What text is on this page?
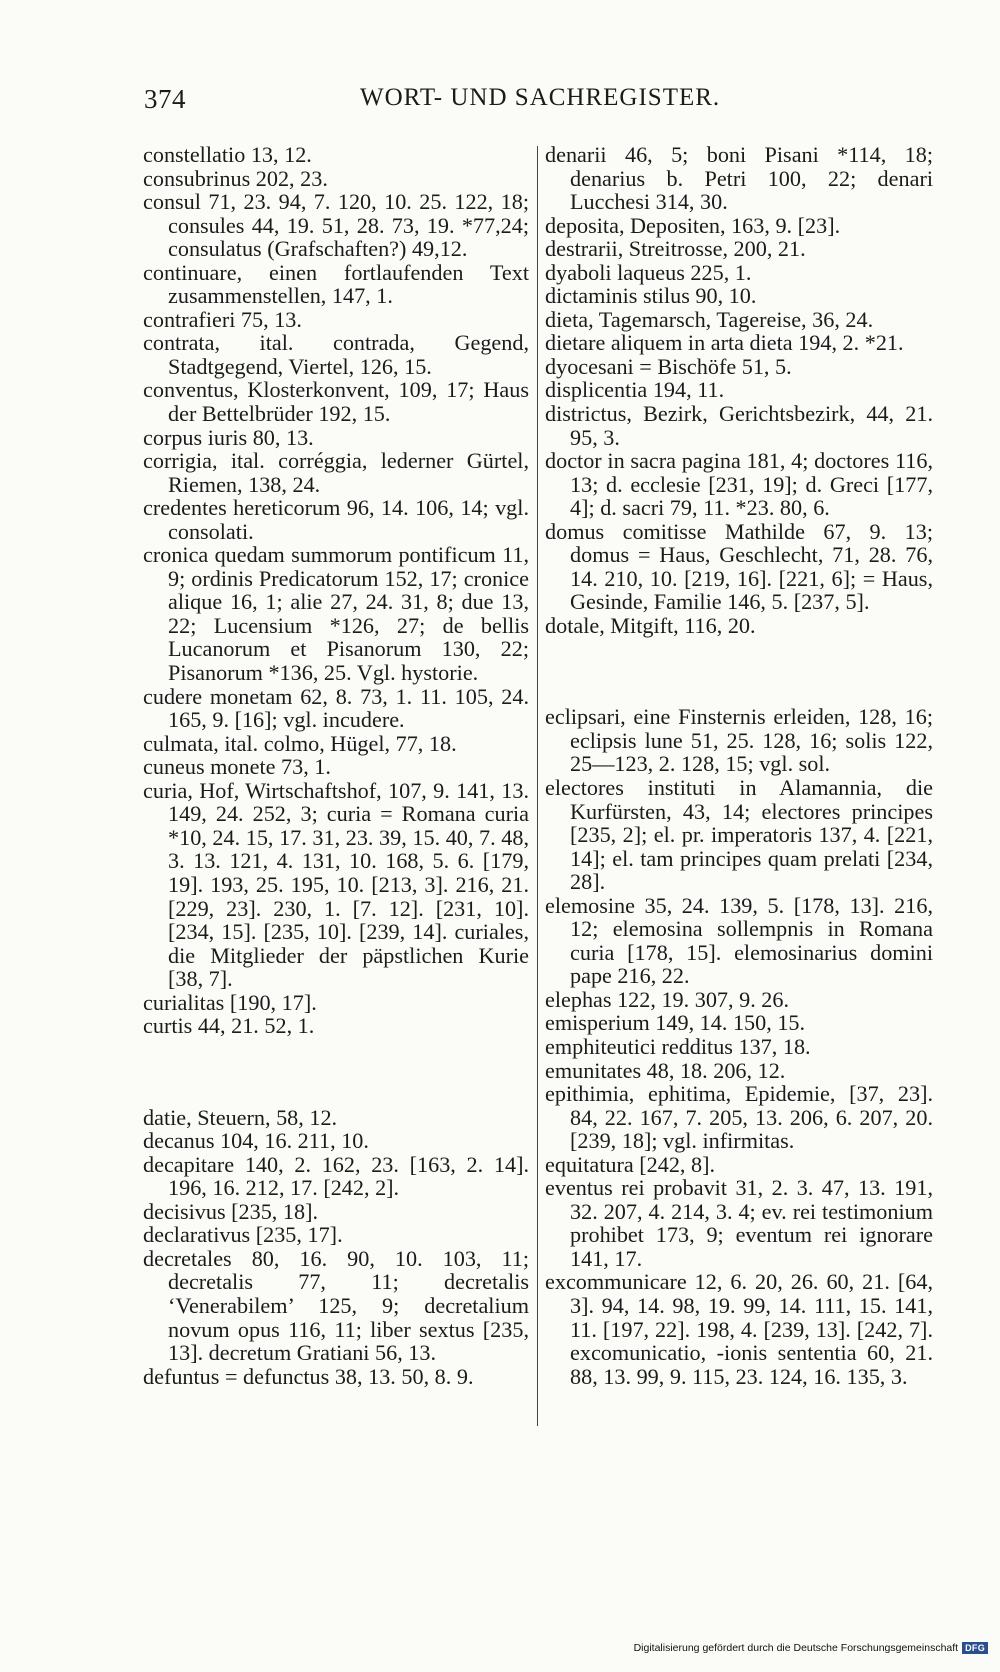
374	WORT- UND SACHREGISTER.

constellatio 13, 12.

consubrinus 202, 23.

consul 71, 23. 94, 7. 120, 10. 25. 122, 18; consules 44, 19. 51, 28. 73, 19. *77,24; consulatus (Grafschaften?) 49,12.

continuare, einen fortlaufenden Text zusammenstellen, 147, 1.

contrafieri 75, 13.

contrata, ital. contrada, Gegend, Stadtgegend, Viertel, 126, 15.

conventus, Klosterkonvent, 109, 17; Haus der Bettelbrüder 192, 15.

corpus iuris 80, 13.

corrigia, ital. corréggia, lederner Gürtel, Riemen, 138, 24.

credentes hereticorum 96, 14. 106, 14; vgl. consolati.

cronica quedam summorum pontificum 11, 9; ordinis Predicatorum 152, 17; cronice alique 16, 1; alie 27, 24. 31, 8; due 13, 22; Lucensium *126, 27; de bellis Lucanorum et Pisanorum 130, 22; Pisanorum *136, 25. Vgl. hystorie.

cudere monetam 62, 8. 73, 1. 11. 105, 24. 165, 9. [16]; vgl. incudere.

culmata, ital. colmo, Hügel, 77, 18.

cuneus monete 73, 1.

curia, Hof, Wirtschaftshof, 107, 9. 141, 13. 149, 24. 252, 3; curia = Romana curia *10, 24. 15, 17. 31, 23. 39, 15. 40, 7. 48, 3. 13. 121, 4. 131, 10. 168, 5. 6. [179, 19]. 193, 25. 195, 10. [213, 3]. 216, 21. [229, 23]. 230, 1. [7. 12]. [231, 10]. [234, 15]. [235, 10]. [239, 14]. curiales, die Mitglieder der päpstlichen Kurie [38, 7].

curialitas [190, 17].

curtis 44, 21. 52, 1.

datie, Steuern, 58, 12.

decanus 104, 16. 211, 10.

decapitare 140, 2. 162, 23. [163, 2. 14]. 196, 16. 212, 17. [242, 2].

decisivus [235, 18].

declarativus [235, 17].

decretales 80, 16. 90, 10. 103, 11; decretalis 77, 11; decretalis ‘Venerabilem’ 125, 9; decretalium novum opus 116, 11; liber sextus [235, 13]. decretum Gratiani 56, 13.

defuntus = defunctus 38, 13. 50, 8. 9.

denarii 46, 5; boni Pisani *114, 18; denarius b. Petri 100, 22; denari Lucchesi 314, 30.

deposita, Depositen, 163, 9. [23].

destrarii, Streitrosse, 200, 21.

dyaboli laqueus 225, 1.

dictaminis stilus 90, 10.

dieta, Tagemarsch, Tagereise, 36, 24.

dietare aliquem in arta dieta 194, 2. *21.

dyocesani = Bischöfe 51, 5.

displicentia 194, 11.

districtus, Bezirk, Gerichtsbezirk, 44, 21. 95, 3.

doctor in sacra pagina 181, 4; doctores 116, 13; d. ecclesie [231, 19]; d. Greci [177, 4]; d. sacri 79, 11. *23. 80, 6.

domus comitisse Mathilde 67, 9. 13; domus = Haus, Geschlecht, 71, 28. 76, 14. 210, 10. [219, 16]. [221, 6]; = Haus, Gesinde, Familie 146, 5. [237, 5].

dotale, Mitgift, 116, 20.

eclipsari, eine Finsternis erleiden, 128, 16; eclipsis lune 51, 25. 128, 16; solis 122, 25—123, 2. 128, 15; vgl. sol.

electores instituti in Alamannia, die Kurfürsten, 43, 14; electores principes [235, 2]; el. pr. imperatoris 137, 4. [221, 14]; el. tam principes quam prelati [234, 28].

elemosine 35, 24. 139, 5. [178, 13]. 216, 12; elemosina sollempnis in Romana curia [178, 15]. elemosinarius domini pape 216, 22.

elephas 122, 19. 307, 9. 26.

emisperium 149, 14. 150, 15.

emphiteutici redditus 137, 18.

emunitates 48, 18. 206, 12.

epithimia, ephitima, Epidemie, [37, 23]. 84, 22. 167, 7. 205, 13. 206, 6. 207, 20. [239, 18]; vgl. infirmitas.

equitatura [242, 8].

eventus rei probavit 31, 2. 3. 47, 13. 191, 32. 207, 4. 214, 3. 4; ev. rei testimonium prohibet 173, 9; eventum rei ignorare 141, 17.

excommunicare 12, 6. 20, 26. 60, 21. [64, 3]. 94, 14. 98, 19. 99, 14. 111, 15. 141, 11. [197, 22]. 198, 4. [239, 13]. [242, 7]. excomunicatio, -ionis sententia 60, 21. 88, 13. 99, 9. 115, 23. 124, 16. 135, 3.

Digitalisierung gefördert durch die Deutsche Forschungsgemeinschaft DFG
